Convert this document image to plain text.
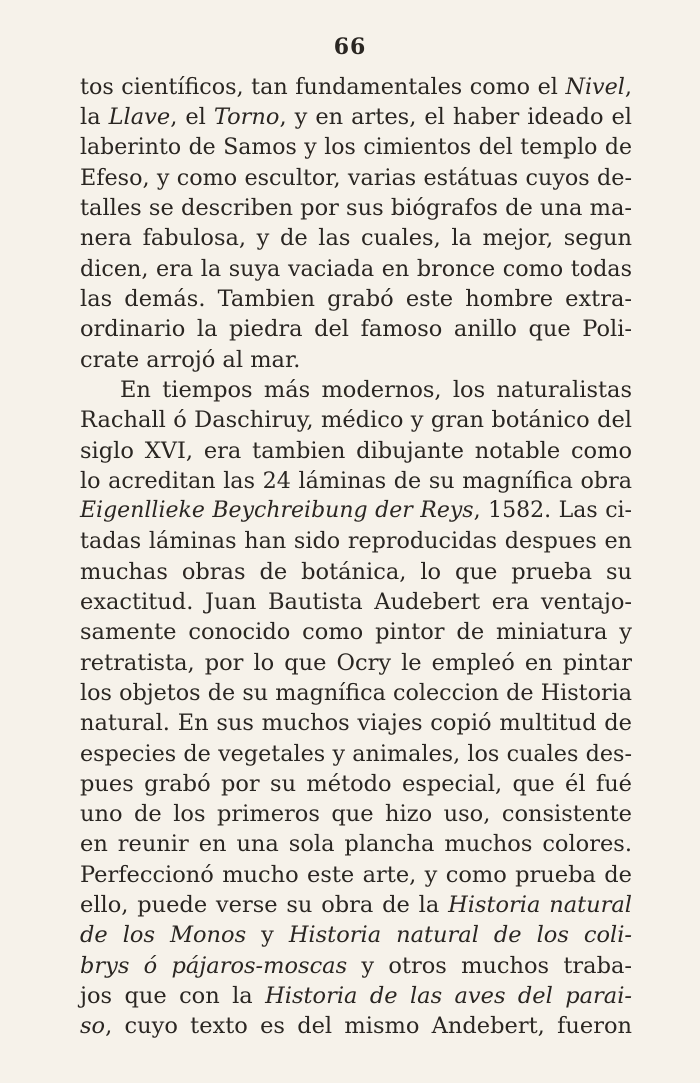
66
tos científicos, tan fundamentales como el Nivel,
la Llave, el Torno, y en artes, el haber ideado el
laberinto de Samos y los cimientos del templo de
Efeso, y como escultor, varias estátuas cuyos de-
talles se describen por sus biógrafos de una ma-
nera fabulosa, y de las cuales, la mejor, segun
dicen, era la suya vaciada en bronce como todas
las demás. Tambien grabó este hombre extra-
ordinario la piedra del famoso anillo que Poli-
crate arrojó al mar.
En tiempos más modernos, los naturalistas
Rachall ó Daschiruy, médico y gran botánico del
siglo XVI, era tambien dibujante notable como
lo acreditan las 24 láminas de su magnífica obra
Eigenllieke Beychreibung der Reys, 1582. Las ci-
tadas láminas han sido reproducidas despues en
muchas obras de botánica, lo que prueba su
exactitud. Juan Bautista Audebert era ventajo-
samente conocido como pintor de miniatura y
retratista, por lo que Ocry le empleó en pintar
los objetos de su magnífica coleccion de Historia
natural. En sus muchos viajes copió multitud de
especies de vegetales y animales, los cuales des-
pues grabó por su método especial, que él fué
uno de los primeros que hizo uso, consistente
en reunir en una sola plancha muchos colores.
Perfeccionó mucho este arte, y como prueba de
ello, puede verse su obra de la Historia natural
de los Monos y Historia natural de los coli-
brys ó pájaros-moscas y otros muchos traba-
jos que con la Historia de las aves del parai-
so, cuyo texto es del mismo Andebert, fueron
